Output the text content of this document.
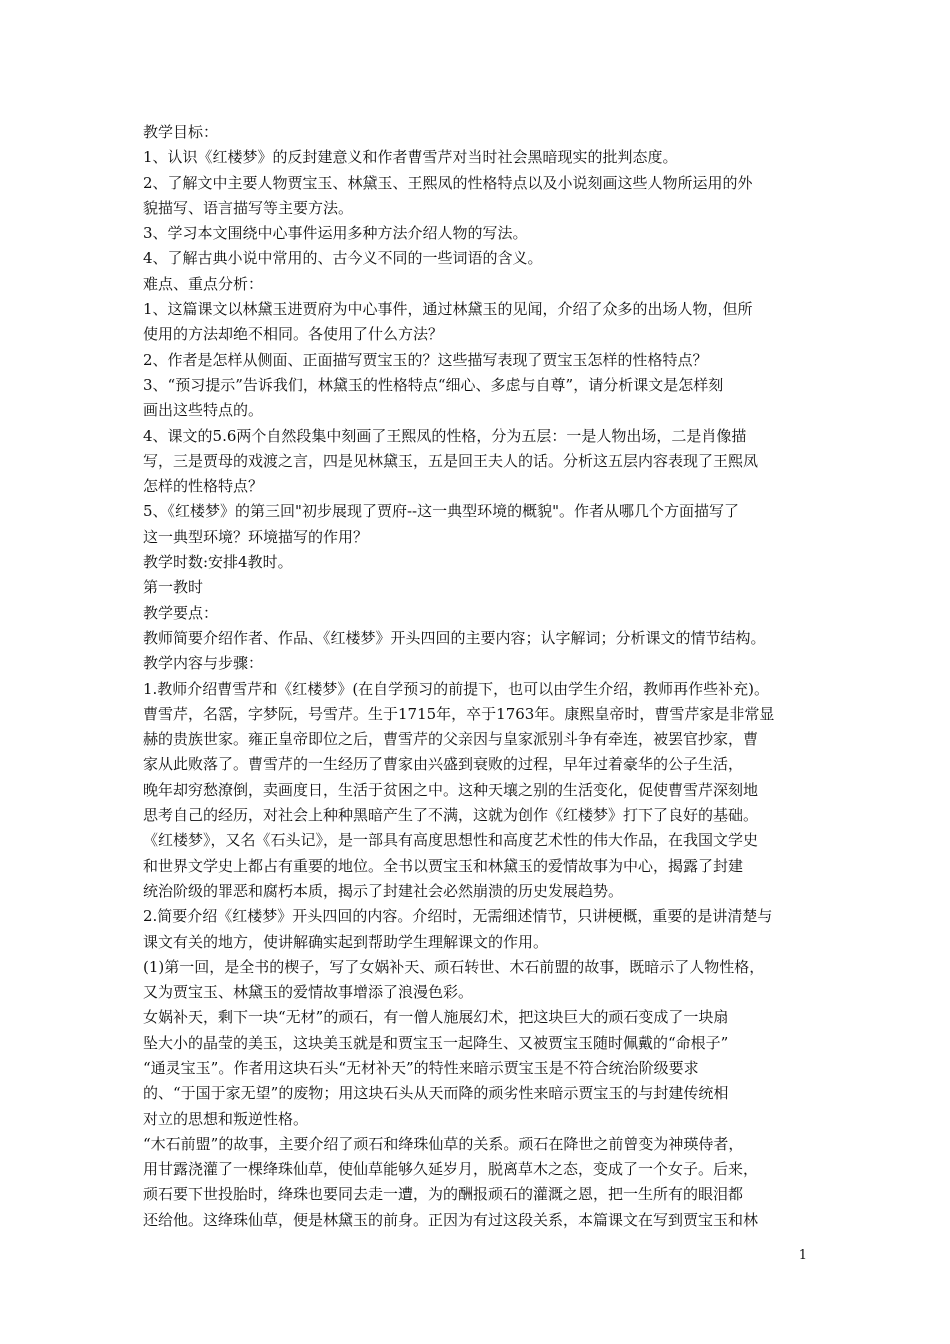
教学目标：
1、认识《红楼梦》的反封建意义和作者曹雪芹对当时社会黑暗现实的批判态度。
2、了解文中主要人物贾宝玉、林黛玉、王熙凤的性格特点以及小说刻画这些人物所运用的外
貌描写、语言描写等主要方法。
3、学习本文围绕中心事件运用多种方法介绍人物的写法。
4、了解古典小说中常用的、古今义不同的一些词语的含义。
难点、重点分析：
1、这篇课文以林黛玉进贾府为中心事件，通过林黛玉的见闻，介绍了众多的出场人物，但所
使用的方法却绝不相同。各使用了什么方法？
2、作者是怎样从侧面、正面描写贾宝玉的？这些描写表现了贾宝玉怎样的性格特点？
3、“预习提示”告诉我们，林黛玉的性格特点“细心、多虑与自尊”，请分析课文是怎样刻
画出这些特点的。
4、课文的5.6两个自然段集中刻画了王熙凤的性格，分为五层：一是人物出场，二是肖像描
写，三是贾母的戏渡之言，四是见林黛玉，五是回王夫人的话。分析这五层内容表现了王熙凤
怎样的性格特点？
5、《红楼梦》的第三回"初步展现了贾府--这一典型环境的概貌"。作者从哪几个方面描写了
这一典型环境？环境描写的作用？
教学时数:安排4教时。
第一教时
教学要点：
教师简要介绍作者、作品、《红楼梦》开头四回的主要内容；认字解词；分析课文的情节结构。
教学内容与步骤：
1.教师介绍曹雪芹和《红楼梦》(在自学预习的前提下，也可以由学生介绍，教师再作些补充)。
曹雪芹，名霑，字梦阮，号雪芹。生于1715年，卒于1763年。康熙皇帝时，曹雪芹家是非常显
赫的贵族世家。雍正皇帝即位之后，曹雪芹的父亲因与皇家派别斗争有牵连，被罢官抄家，曹
家从此败落了。曹雪芹的一生经历了曹家由兴盛到衰败的过程，早年过着豪华的公子生活，
晚年却穷愁潦倒，卖画度日，生活于贫困之中。这种天壤之别的生活变化，促使曹雪芹深刻地
思考自己的经历，对社会上种种黑暗产生了不满，这就为创作《红楼梦》打下了良好的基础。
《红楼梦》，又名《石头记》，是一部具有高度思想性和高度艺术性的伟大作品，在我国文学史
和世界文学史上都占有重要的地位。全书以贾宝玉和林黛玉的爱情故事为中心，揭露了封建
统治阶级的罪恶和腐朽本质，揭示了封建社会必然崩溃的历史发展趋势。
2.简要介绍《红楼梦》开头四回的内容。介绍时，无需细述情节，只讲梗概，重要的是讲清楚与
课文有关的地方，使讲解确实起到帮助学生理解课文的作用。
(1)第一回，是全书的楔子，写了女娲补天、顽石转世、木石前盟的故事，既暗示了人物性格，
又为贾宝玉、林黛玉的爱情故事增添了浪漫色彩。
女娲补天，剩下一块“无材”的顽石，有一僧人施展幻术，把这块巨大的顽石变成了一块扇
坠大小的晶莹的美玉，这块美玉就是和贾宝玉一起降生、又被贾宝玉随时佩戴的“命根子”
“通灵宝玉”。作者用这块石头“无材补天”的特性来暗示贾宝玉是不符合统治阶级要求
的、“于国于家无望”的废物；用这块石头从天而降的顽劣性来暗示贾宝玉的与封建传统相
对立的思想和叛逆性格。
“木石前盟”的故事，主要介绍了顽石和绛珠仙草的关系。顽石在降世之前曾变为神瑛侍者，
用甘露浇灌了一棵绛珠仙草，使仙草能够久延岁月，脱离草木之态，变成了一个女子。后来，
顽石要下世投胎时，绛珠也要同去走一遭，为的酬报顽石的灌溉之恩，把一生所有的眼泪都
还给他。这绛珠仙草，便是林黛玉的前身。正因为有过这段关系，本篇课文在写到贾宝玉和林
1
